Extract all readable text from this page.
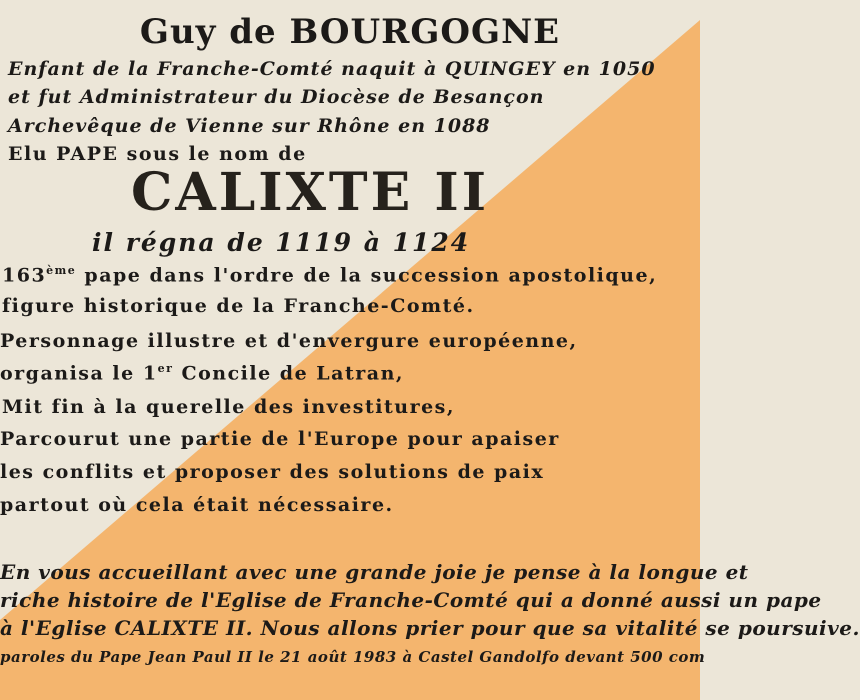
Guy de BOURGOGNE
Enfant de la Franche-Comté naquit à QUINGEY en 1050
et fut Administrateur du Diocèse de Besançon
Archevêque de Vienne sur Rhône en 1088
Elu PAPE sous le nom de
CALIXTE II
il régna de 1119 à 1124
163ème pape dans l'ordre de la succession apostolique,
figure historique de la Franche-Comté.
Personnage illustre et d'envergure européenne,
organisa le 1er Concile de Latran,
Mit fin à la querelle des investitures,
Parcourut une partie de l'Europe pour apaiser
les conflits et proposer des solutions de paix
partout où cela était nécessaire.
En vous accueillant avec une grande joie je pense à la longue et
riche histoire de l'Eglise de Franche-Comté qui a donné aussi un pape
à l'Eglise CALIXTE II. Nous allons prier pour que sa vitalité se poursuive.
paroles du Pape Jean Paul II le 21 août 1983 à Castel Gandolfo devant 500 com
